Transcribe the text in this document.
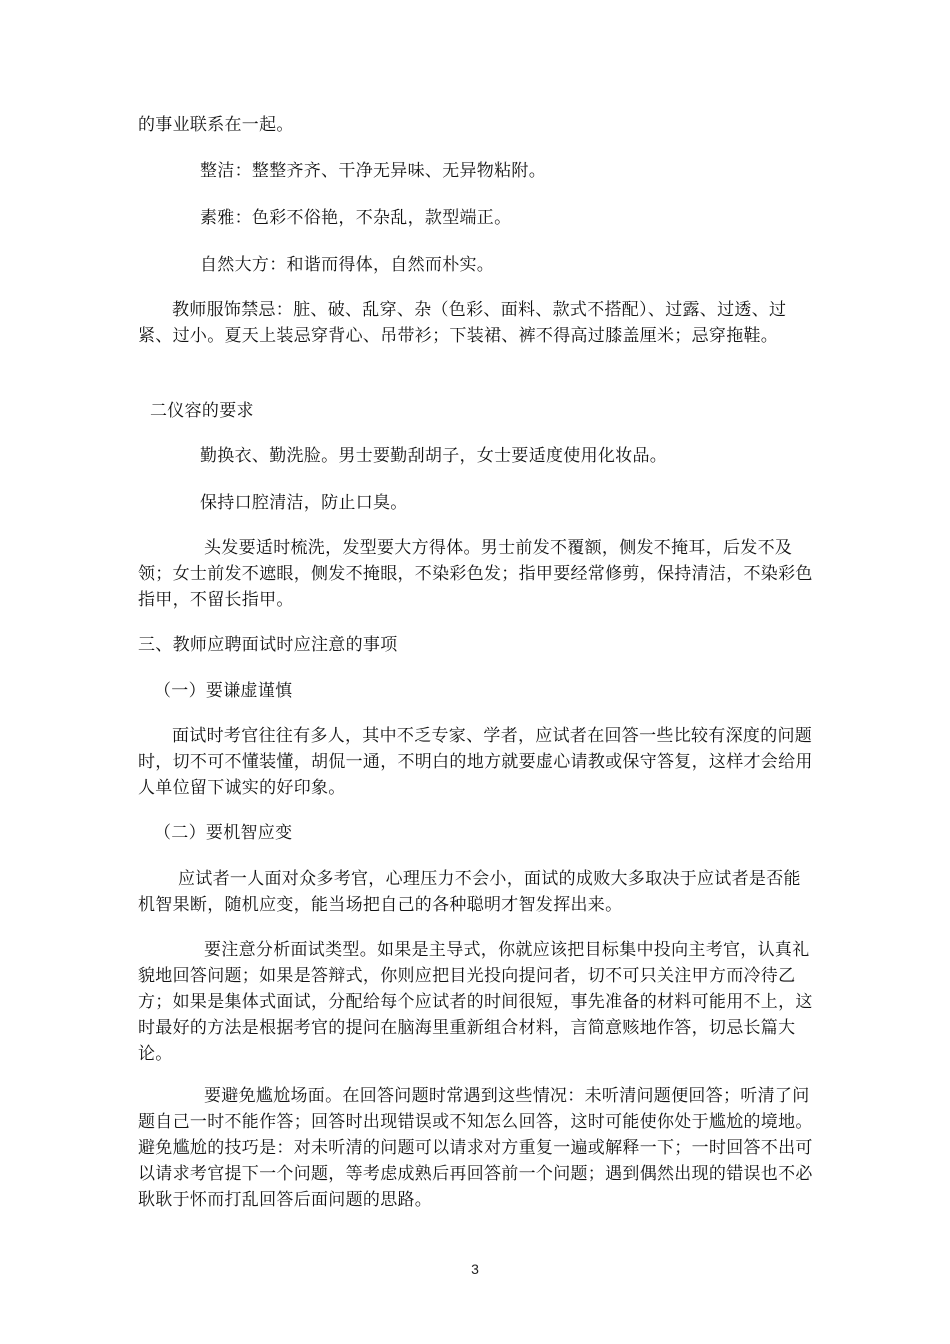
的事业联系在一起。

整洁：整整齐齐、干净无异味、无异物粘附。

素雅：色彩不俗艳，不杂乱，款型端正。

自然大方：和谐而得体，自然而朴实。

教师服饰禁忌：脏、破、乱穿、杂（色彩、面料、款式不搭配）、过露、过透、过紧、过小。夏天上装忌穿背心、吊带衫；下装裙、裤不得高过膝盖厘米；忌穿拖鞋。

二仪容的要求

勤换衣、勤洗脸。男士要勤刮胡子，女士要适度使用化妆品。

保持口腔清洁，防止口臭。

头发要适时梳洗，发型要大方得体。男士前发不覆额，侧发不掩耳，后发不及领；女士前发不遮眼，侧发不掩眼，不染彩色发；指甲要经常修剪，保持清洁，不染彩色指甲，不留长指甲。

三、教师应聘面试时应注意的事项

（一）要谦虚谨慎

面试时考官往往有多人，其中不乏专家、学者，应试者在回答一些比较有深度的问题时，切不可不懂装懂，胡侃一通，不明白的地方就要虚心请教或保守答复，这样才会给用人单位留下诚实的好印象。

（二）要机智应变

应试者一人面对众多考官，心理压力不会小，面试的成败大多取决于应试者是否能机智果断，随机应变，能当场把自己的各种聪明才智发挥出来。

要注意分析面试类型。如果是主导式，你就应该把目标集中投向主考官，认真礼貌地回答问题；如果是答辩式，你则应把目光投向提问者，切不可只关注甲方而冷待乙方；如果是集体式面试，分配给每个应试者的时间很短，事先准备的材料可能用不上，这时最好的方法是根据考官的提问在脑海里重新组合材料，言简意赅地作答，切忌长篇大论。

要避免尴尬场面。在回答问题时常遇到这些情况：未听清问题便回答；听清了问题自己一时不能作答；回答时出现错误或不知怎么回答，这时可能使你处于尴尬的境地。避免尴尬的技巧是：对未听清的问题可以请求对方重复一遍或解释一下；一时回答不出可以请求考官提下一个问题，等考虑成熟后再回答前一个问题；遇到偶然出现的错误也不必耿耿于怀而打乱回答后面问题的思路。

3
